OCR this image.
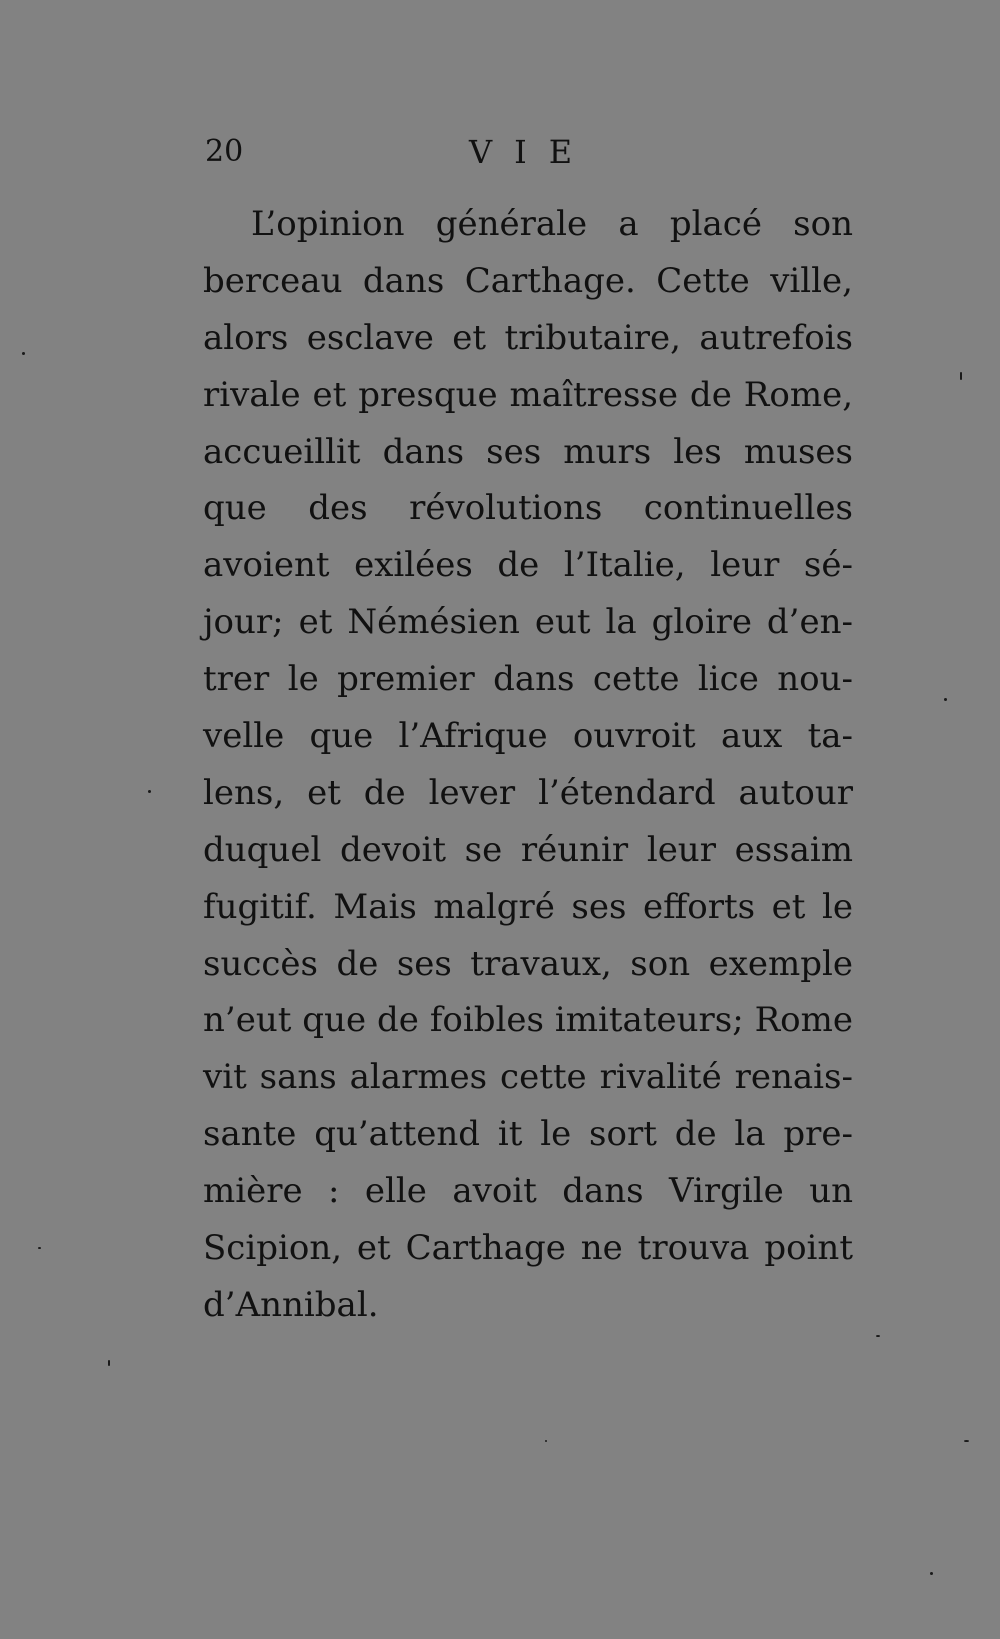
20	VIE
L’opinion générale a placé son
berceau dans Carthage. Cette ville,
alors esclave et tributaire, autrefois
rivale et presque maîtresse de Rome,
accueillit dans ses murs les muses
que des révolutions continuelles
avoient exilées de l’Italie, leur sé-
jour; et Némésien eut la gloire d’en-
trer le premier dans cette lice nou-
velle que l’Afrique ouvroit aux ta-
lens, et de lever l’étendard autour
duquel devoit se réunir leur essaim
fugitif. Mais malgré ses efforts et le
succès de ses travaux, son exemple
n’eut que de foibles imitateurs; Rome
vit sans alarmes cette rivalité renais-
sante qu’attend it le sort de la pre-
mière : elle avoit dans Virgile un
Scipion, et Carthage ne trouva point
d’Annibal.
